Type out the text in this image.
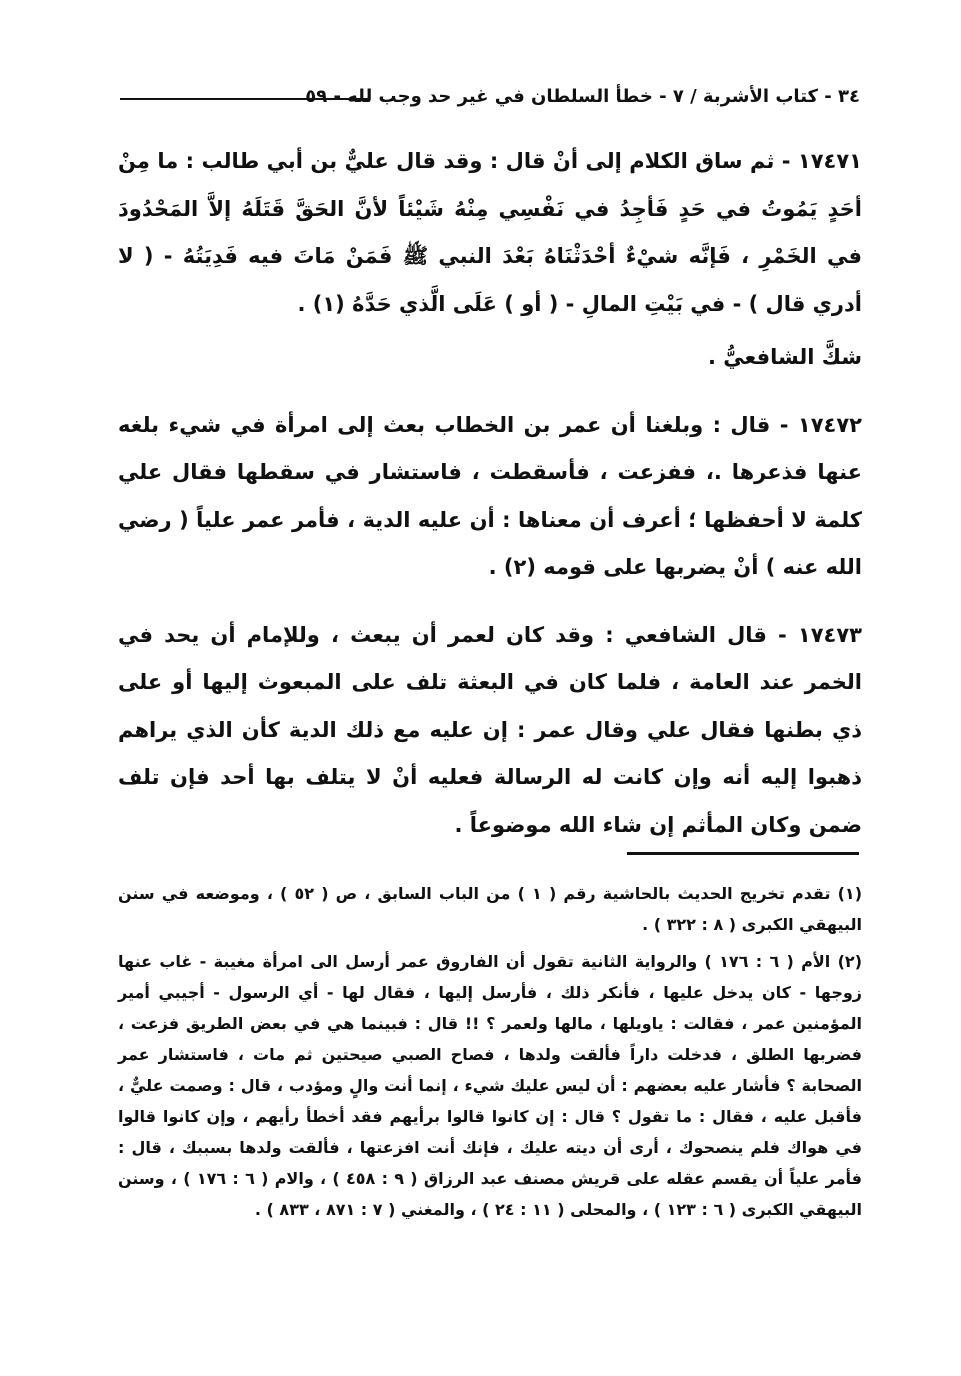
٣٤ - كتاب الأشربة / ٧ - خطأ السلطان في غير حد وجب لله - ٥٩

١٧٤٧١ - ثم ساق الكلام إلى أنْ قال : وقد قال عليٌّ بن أبي طالب : ما مِنْ أحَدٍ يَمُوتُ في حَدٍ فَأجِدُ في نَفْسِي مِنْهُ شَيْئاً لأنَّ الحَقَّ قَتَلَهُ إلاَّ المَحْدُودَ في الخَمْرِ ، فَإنَّه شيْءٌ أحْدَثْنَاهُ بَعْدَ النبي ﷺ فَمَنْ مَاتَ فيه فَدِيَتُهُ - ( لا أدري قال ) - في بَيْتِ المالِ - ( أو ) عَلَى الَّذي حَدَّهُ (١) .

شكَّ الشافعيُّ .

١٧٤٧٢ - قال : وبلغنا أن عمر بن الخطاب بعث إلى امرأة في شيء بلغه عنها فذعرها .، ففزعت ، فأسقطت ، فاستشار في سقطها فقال علي كلمة لا أحفظها ؛ أعرف أن معناها : أن عليه الدية ، فأمر عمر علياً ( رضي الله عنه ) أنْ يضربها على قومه (٢) .

١٧٤٧٣ - قال الشافعي : وقد كان لعمر أن يبعث ، وللإمام أن يحد في الخمر عند العامة ، فلما كان في البعثة تلف على المبعوث إليها أو على ذي بطنها فقال علي وقال عمر : إن عليه مع ذلك الدية كأن الذي يراهم ذهبوا إليه أنه وإن كانت له الرسالة فعليه أنْ لا يتلف بها أحد فإن تلف ضمن وكان المأثم إن شاء الله موضوعاً .

(١) تقدم تخريج الحديث بالحاشية رقم ( ١ ) من الباب السابق ، ص ( ٥٢ ) ، وموضعه في سنن البيهقي الكبرى ( ٨ : ٣٢٢ ) .

(٢) الأم ( ٦ : ١٧٦ ) والرواية الثانية تقول أن الفاروق عمر أرسل الى امرأة مغيبة - غاب عنها زوجها - كان يدخل عليها ، فأنكر ذلك ، فأرسل إليها ، فقال لها - أي الرسول - أجيبي أمير المؤمنين عمر ، فقالت : ياويلها ، مالها ولعمر ؟ !! قال : فبينما هي في بعض الطريق فزعت ، فضربها الطلق ، فدخلت داراً فألقت ولدها ، فصاح الصبي صيحتين ثم مات ، فاستشار عمر الصحابة ؟ فأشار عليه بعضهم : أن ليس عليك شيء ، إنما أنت والٍ ومؤدب ، قال : وصمت عليٌّ ، فأقبل عليه ، فقال : ما تقول ؟ قال : إن كانوا قالوا برأيهم فقد أخطأ رأيهم ، وإن كانوا قالوا في هواك فلم ينصحوك ، أرى أن ديته عليك ، فإنك أنت افزعتها ، فألقت ولدها بسببك ، قال : فأمر علياً أن يقسم عقله على قريش مصنف عبد الرزاق ( ٩ : ٤٥٨ ) ، والام ( ٦ : ١٧٦ ) ، وسنن البيهقي الكبرى ( ٦ : ١٢٣ ) ، والمحلى ( ١١ : ٢٤ ) ، والمغني ( ٧ : ٨٧١ ، ٨٣٣ ) .
